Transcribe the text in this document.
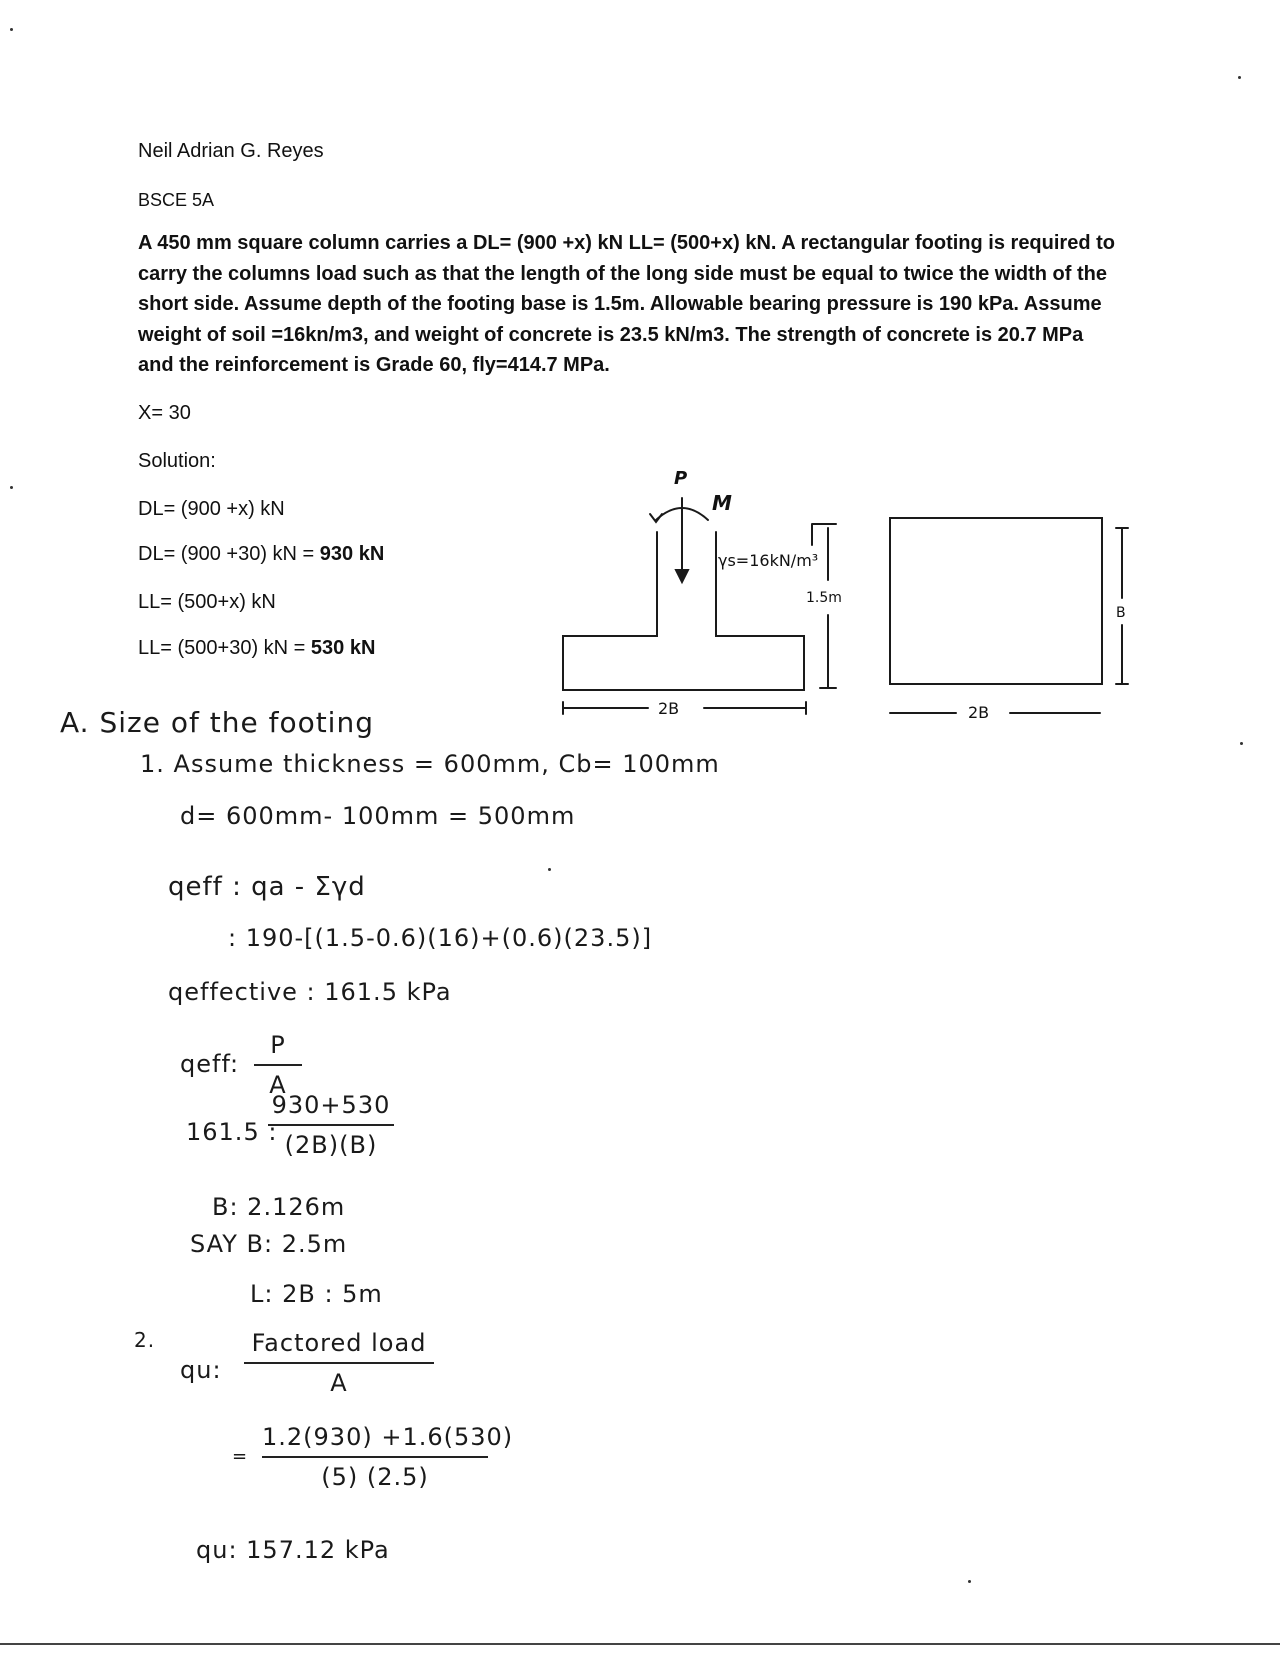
Neil Adrian G. Reyes
BSCE 5A
A 450 mm square column carries a DL= (900 +x) kN LL= (500+x) kN. A rectangular footing is required to carry the columns load such as that the length of the long side must be equal to twice the width of the short side. Assume depth of the footing base is 1.5m. Allowable bearing pressure is 190 kPa. Assume weight of soil =16kn/m3, and weight of concrete is 23.5 kN/m3. The strength of concrete is 20.7 MPa and the reinforcement is Grade 60, fly=414.7 MPa.
X= 30
Solution:
DL= (900 +x) kN
DL= (900 +30) kN = 930 kN
LL= (500+x) kN
LL= (500+30) kN = 530 kN
P
M
γs=16kN/m³
1.5m
2B	2B
B
A. Size of the footing
1. Assume thickness = 600mm, Cb= 100mm
d= 600mm- 100mm = 500mm
qeff : qa - Σγd
: 190-[(1.5-0.6)(16)+(0.6)(23.5)]
qeffective : 161.5 kPa
qeff:
P
A
161.5 :
930+530
(2B)(B)
B: 2.126m
SAY B: 2.5m
L: 2B : 5m
2.
qu:
Factored load
A
=
1.2(930) +1.6(530)
(5) (2.5)
qu: 157.12 kPa
